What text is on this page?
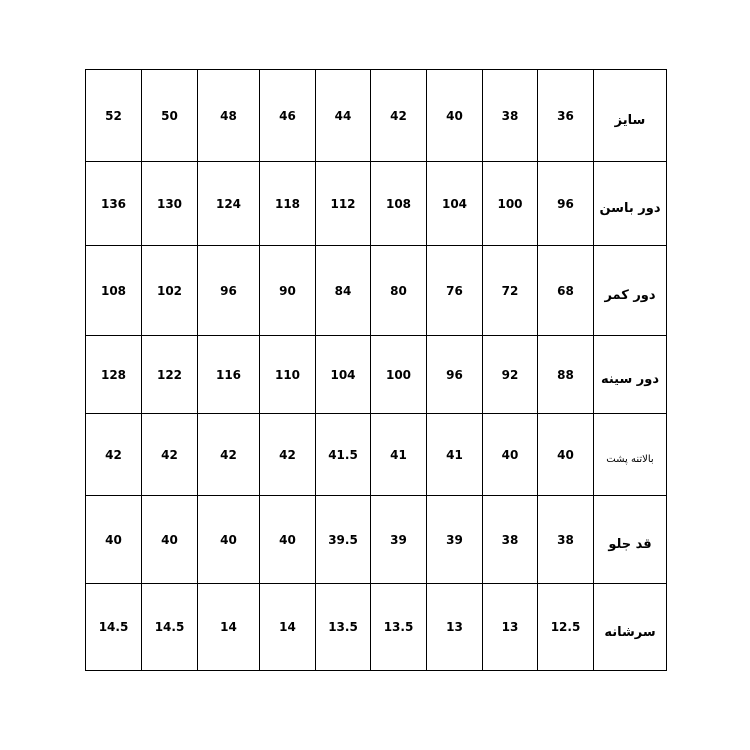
52	50	48	46	44	42	40	38	36	سایز
136	130	124	118	112	108	104	100	96	دور باسن
108	102	96	90	84	80	76	72	68	دور کمر
128	122	116	110	104	100	96	92	88	دور سینه
42	42	42	42	41.5	41	41	40	40	بالاتنه پشت
40	40	40	40	39.5	39	39	38	38	قد جلو
14.5	14.5	14	14	13.5	13.5	13	13	12.5	سرشانه
